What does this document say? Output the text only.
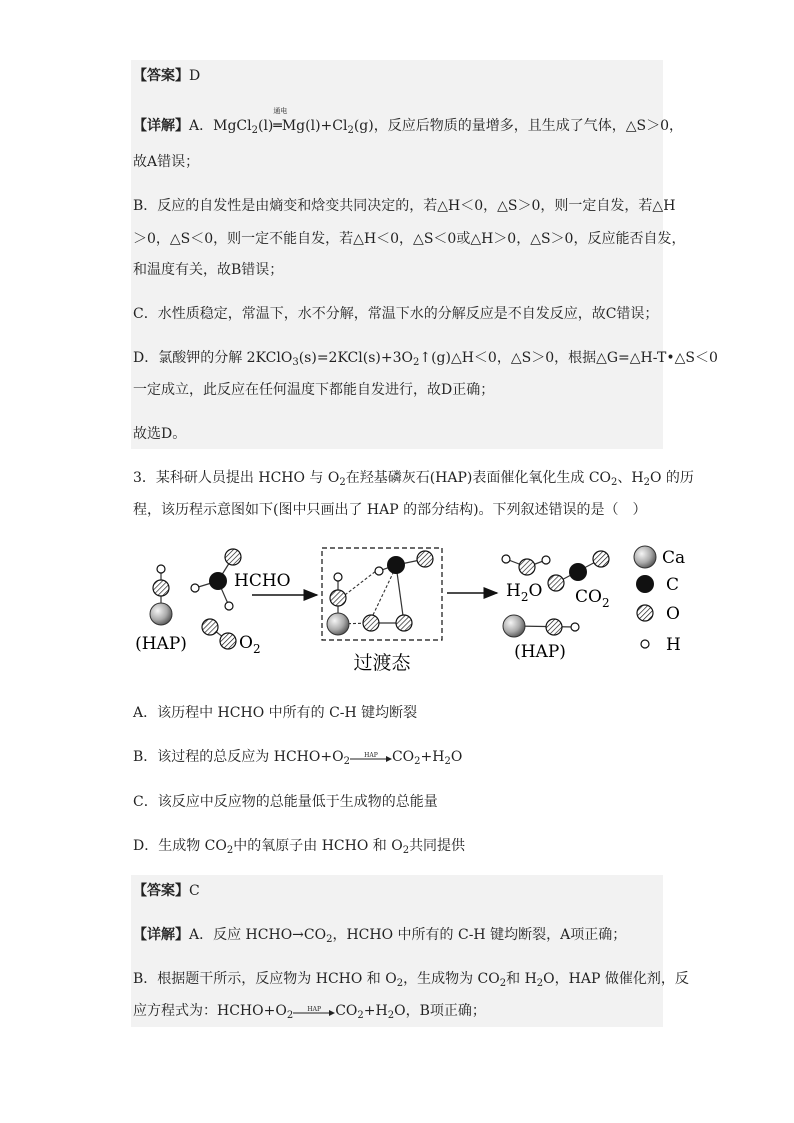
【答案】D
【详解】A．MgCl$_2$(l)
通电
$═Mg(l)+Cl_2(g)$，反应后物质的量增多，且生成了气体，△S＞0，
故A错误；
B．反应的自发性是由熵变和焓变共同决定的，若△H＜0，△S＞0，则一定自发，若△H
＞0，△S＜0，则一定不能自发，若△H＜0，△S＜0或△H＞0，△S＞0，反应能否自发，
和温度有关，故B错误；
C．水性质稳定，常温下，水不分解，常温下水的分解反应是不自发反应，故C错误；
D．氯酸钾的分解 $2KClO_3(s)=2KCl(s)+3O_2↑(g)\triangle H<0$，△S＞0，根据△G=△H-T•△S＜0
一定成立，此反应在任何温度下都能自发进行，故D正确；
故选D。
3．某科研人员提出 HCHO 与 $O_2$在羟基磷灰石(HAP)表面催化氧化生成 $CO_2$、$H_2O$ 的历
程，该历程示意图如下(图中只画出了 HAP 的部分结构)。下列叙述错误的是（　）
(HAP)
HCHO
$O_2$
过渡态
$H_2O$ $CO_2$
(HAP)
Ca
C
O
H
A．该历程中 HCHO 中所有的 C-H 键均断裂
B．该过程的总反应为 $HCHO+O_2$
HAP	$CO_2+H_2O$
C．该反应中反应物的总能量低于生成物的总能量
D．生成物 $CO_2$中的氧原子由 HCHO 和 $O_2$共同提供
【答案】C
【详解】A．反应 $HCHO\to CO_2$，HCHO 中所有的 C-H 键均断裂，A项正确；
B．根据题干所示，反应物为 HCHO 和 $O_2$，生成物为 $CO_2$和 $H_2O$，HAP 做催化剂，反
应方程式为：$HCHO+O_2$
HAP	$CO_2+H_2O$，B项正确；
